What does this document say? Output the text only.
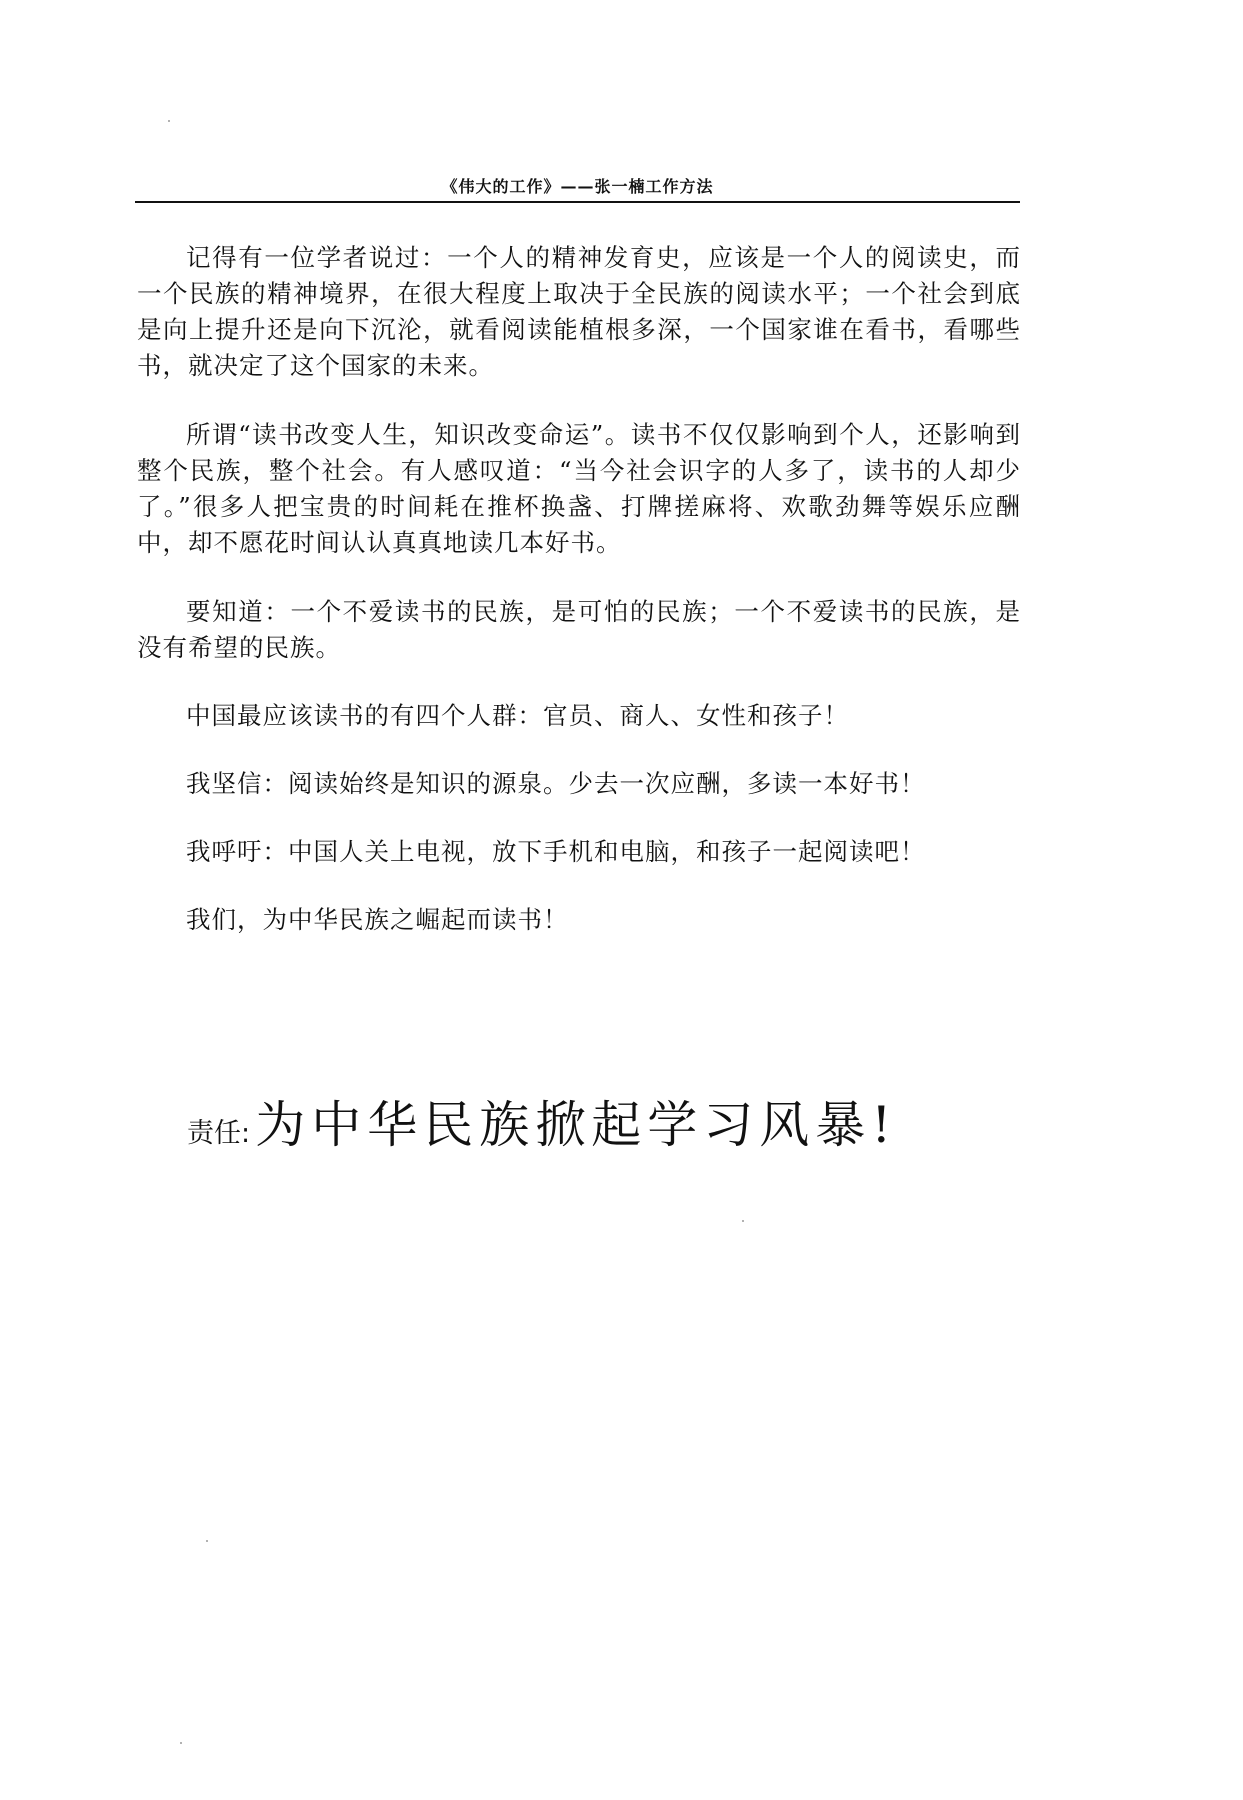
《伟大的工作》——张一楠工作方法

记得有一位学者说过：一个人的精神发育史，应该是一个人的阅读史，而一个民族的精神境界，在很大程度上取决于全民族的阅读水平；一个社会到底是向上提升还是向下沉沦，就看阅读能植根多深，一个国家谁在看书，看哪些书，就决定了这个国家的未来。

所谓“读书改变人生，知识改变命运”。读书不仅仅影响到个人，还影响到整个民族，整个社会。有人感叹道：“当今社会识字的人多了，读书的人却少了。”很多人把宝贵的时间耗在推杯换盏、打牌搓麻将、欢歌劲舞等娱乐应酬中，却不愿花时间认认真真地读几本好书。

要知道：一个不爱读书的民族，是可怕的民族；一个不爱读书的民族，是没有希望的民族。

中国最应该读书的有四个人群：官员、商人、女性和孩子！

我坚信：阅读始终是知识的源泉。少去一次应酬，多读一本好书！

我呼吁：中国人关上电视，放下手机和电脑，和孩子一起阅读吧！

我们，为中华民族之崛起而读书！

责任: 为中华民族掀起学习风暴!
